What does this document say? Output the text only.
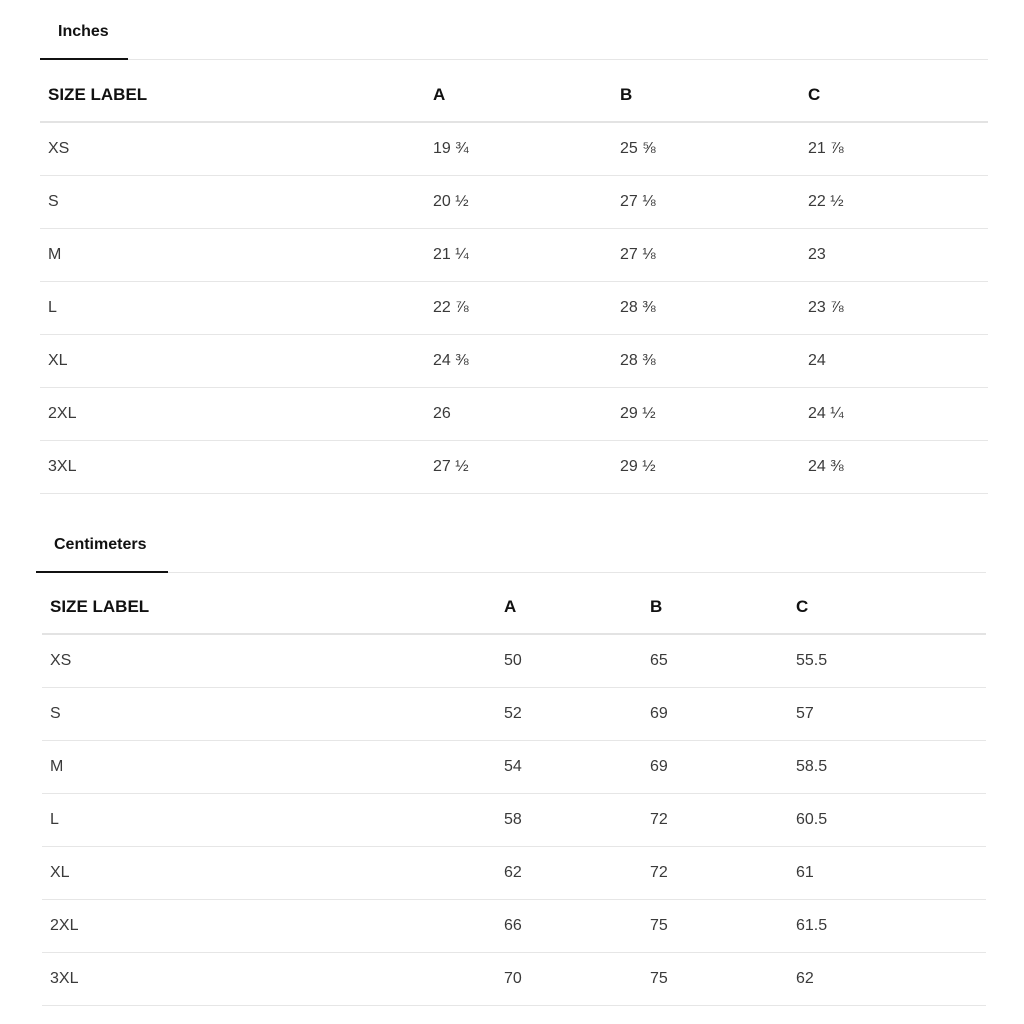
Inches
SIZE LABEL	A	B	C
XS	19 ¾	25 ⅝	21 ⅞
S	20 ½	27 ⅛	22 ½
M	21 ¼	27 ⅛	23
L	22 ⅞	28 ⅜	23 ⅞
XL	24 ⅜	28 ⅜	24
2XL	26	29 ½	24 ¼
3XL	27 ½	29 ½	24 ⅜
Centimeters
SIZE LABEL	A	B	C
XS	50	65	55.5
S	52	69	57
M	54	69	58.5
L	58	72	60.5
XL	62	72	61
2XL	66	75	61.5
3XL	70	75	62
